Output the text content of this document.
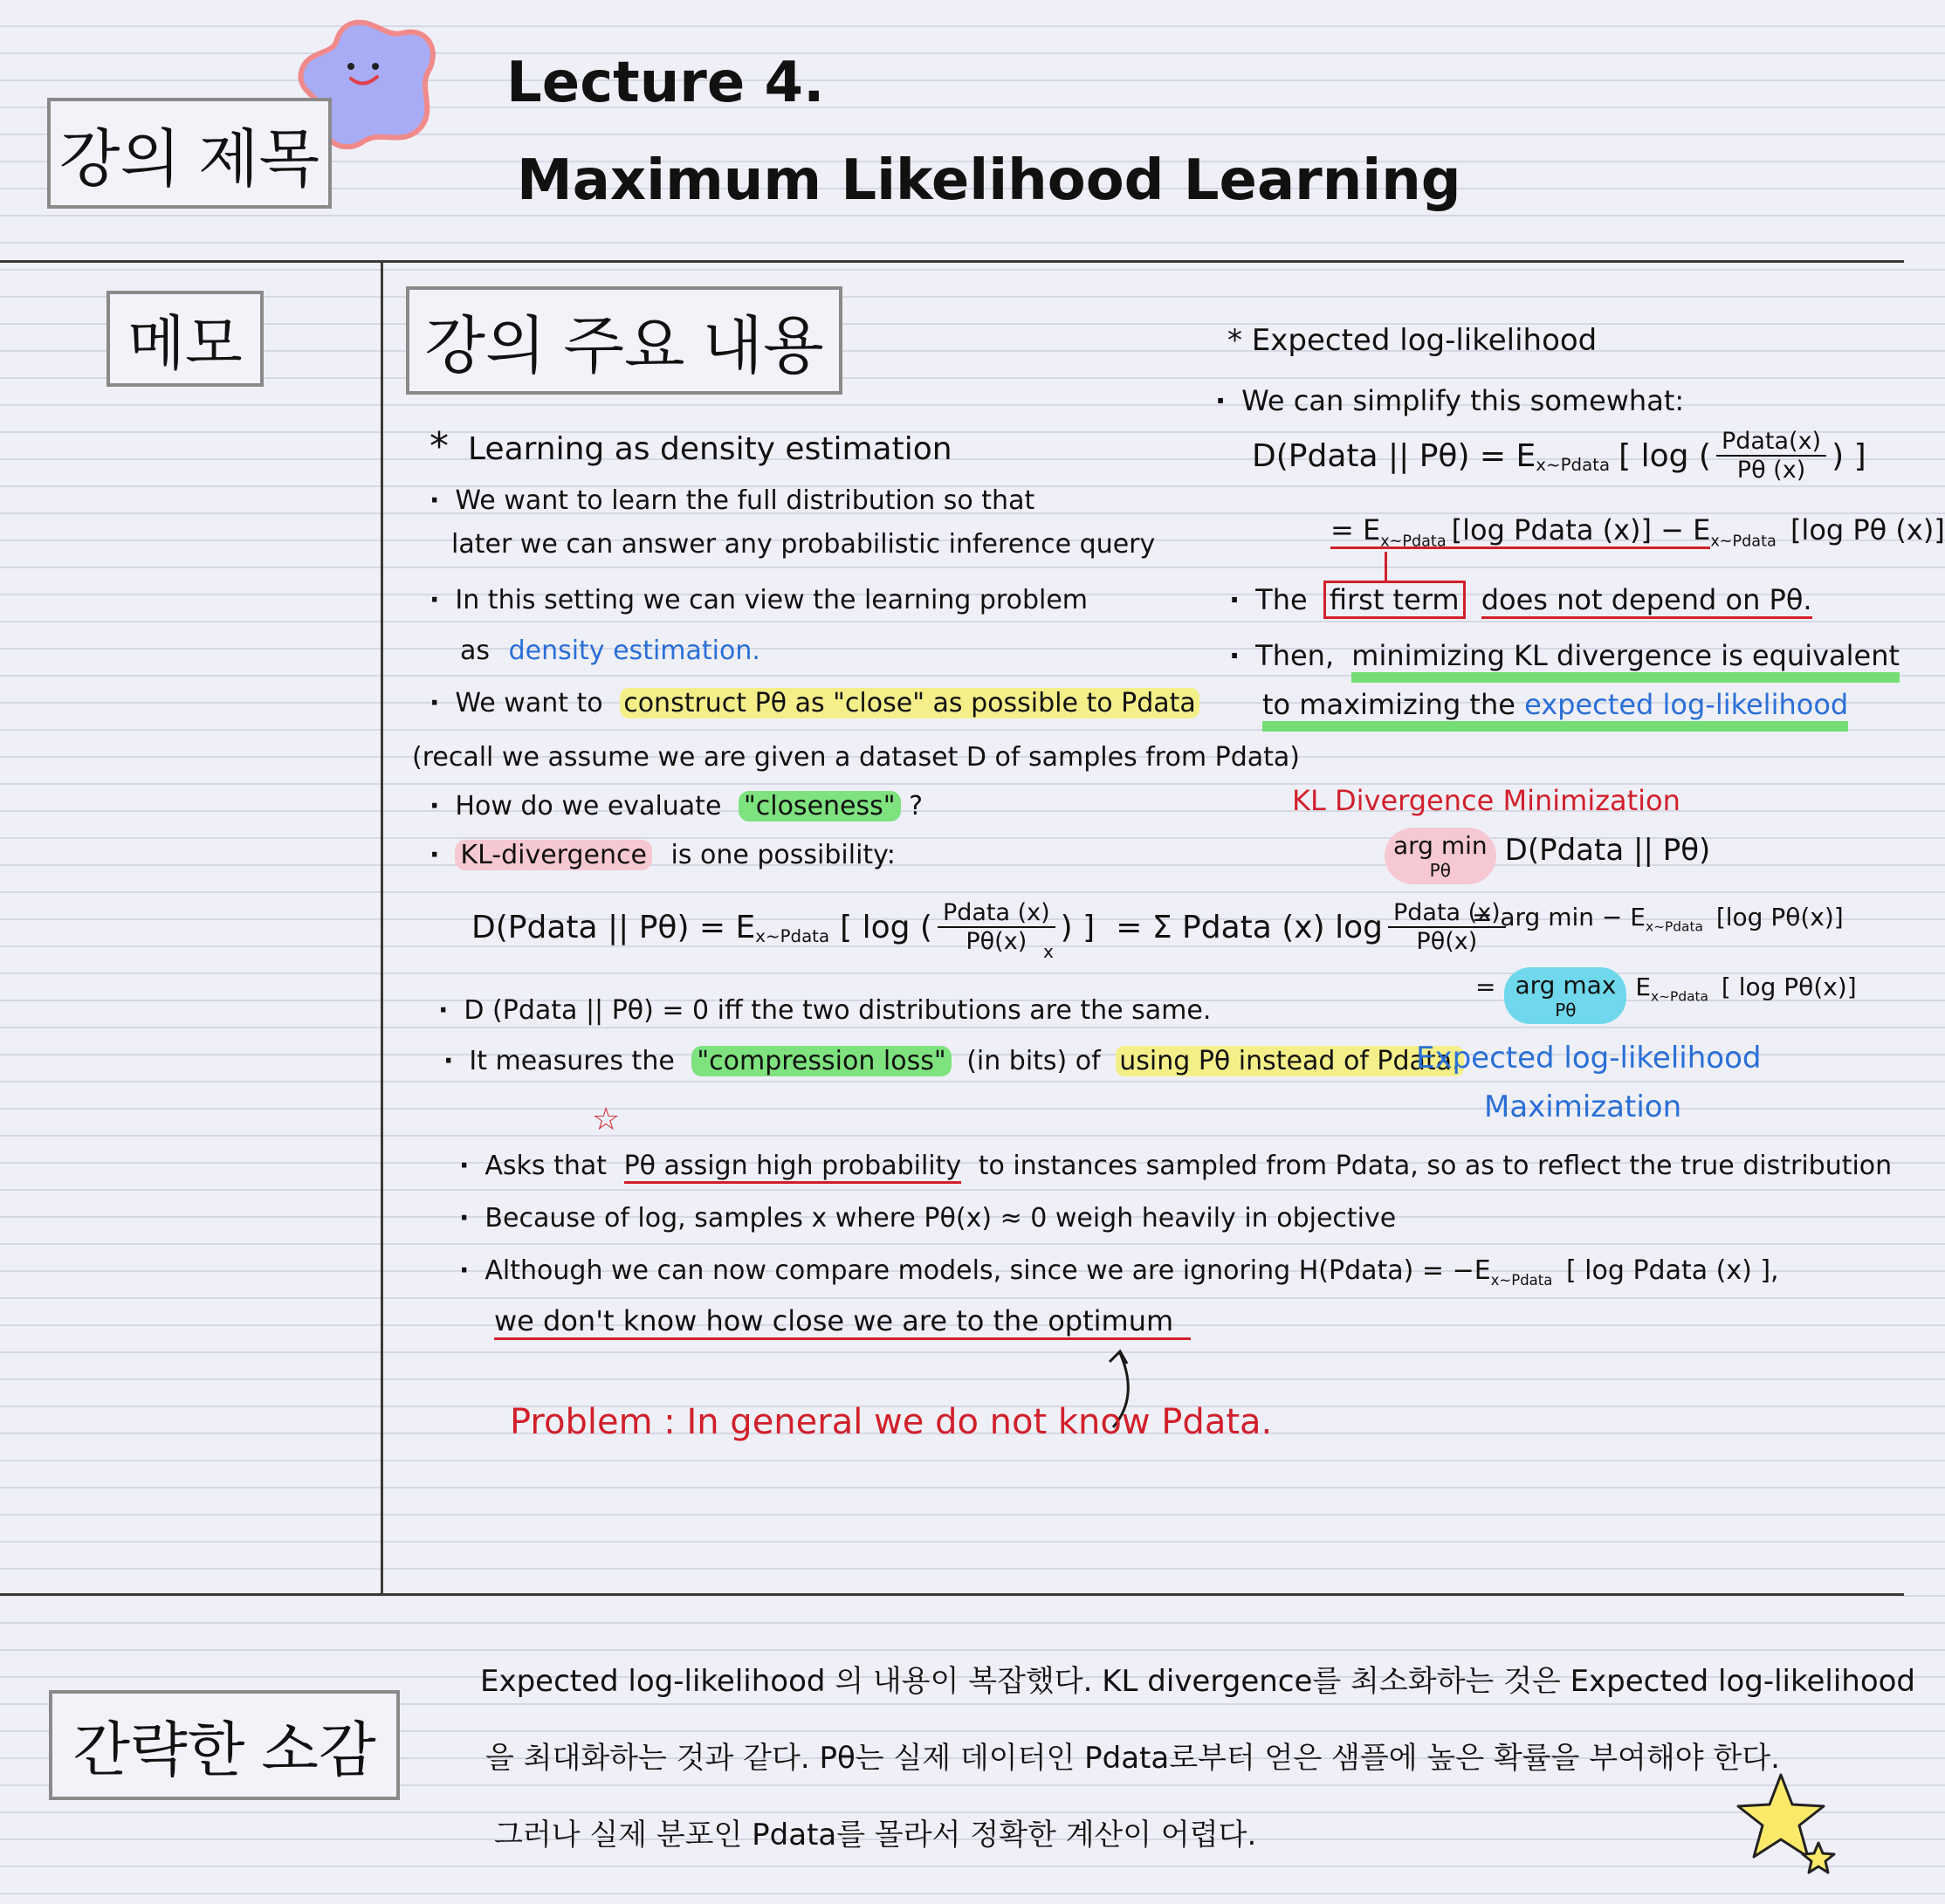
강의 제목
Lecture 4.
Maximum Likelihood Learning
메모	강의 주요 내용
* Learning as density estimation
· We want to learn the full distribution so that
later we can answer any probabilistic inference query
· In this setting we can view the learning problem
as density estimation.
· We want to construct Pθ as "close" as possible to Pdata
(recall we assume we are given a dataset D of samples from Pdata)
· How do we evaluate "closeness" ?
· KL-divergence is one possibility:
D(Pdata || $P\theta) = E_{x\sim Pdata}$ [ log ( $\frac{\text{Pdata (x)}}{P\theta(x)}$ ) ] = Σ Pdata (x) $\log \frac{\text{Pdata (x)}}{P\theta(x)}$
x
· D (Pdata || Pθ) = 0 iff the two distributions are the same.
· It measures the "compression loss" (in bits) of using Pθ instead of Pdata.
☆
· Asks that Pθ assign high probability to instances sampled from Pdata, so as to reflect the true distribution
· Because of log, samples x where Pθ(x) ≈ 0 weigh heavily in objective
· Although we can now compare models, since we are ignoring H(Pdata) = $-E_{x\sim Pdata}$ [ log Pdata (x) ],
we don't know how close we are to the optimum
Problem : In general we do not know Pdata.
* Expected log-likelihood
· We can simplify this somewhat:
D(Pdata || $P\theta) = E_{x\sim Pdata}$ [ log ( $\frac{\text{Pdata(x)}}{P\theta (x)}$ ) ]
= $E_{x\sim Pdata}$ [log Pdata $(x)] - E_{x\sim Pdata}$ [log Pθ (x)]
· The first term does not depend on Pθ.
· Then, minimizing KL divergence is equivalent
to maximizing the expected log-likelihood
KL Divergence Minimization
arg min
Pθ
D(Pdata || Pθ)
= arg $\min - E_{x\sim Pdata}$ [log Pθ(x)]
= arg max
Pθ
$E_{x\sim Pdata}$ [ log Pθ(x)]
Expected log-likelihood
Maximization
간략한 소감
Expected log-likelihood 의 내용이 복잡했다. KL divergence를 최소화하는 것은 Expected log-likelihood
을 최대화하는 것과 같다. Pθ는 실제 데이터인 Pdata로부터 얻은 샘플에 높은 확률을 부여해야 한다.
그러나 실제 분포인 Pdata를 몰라서 정확한 계산이 어렵다.
